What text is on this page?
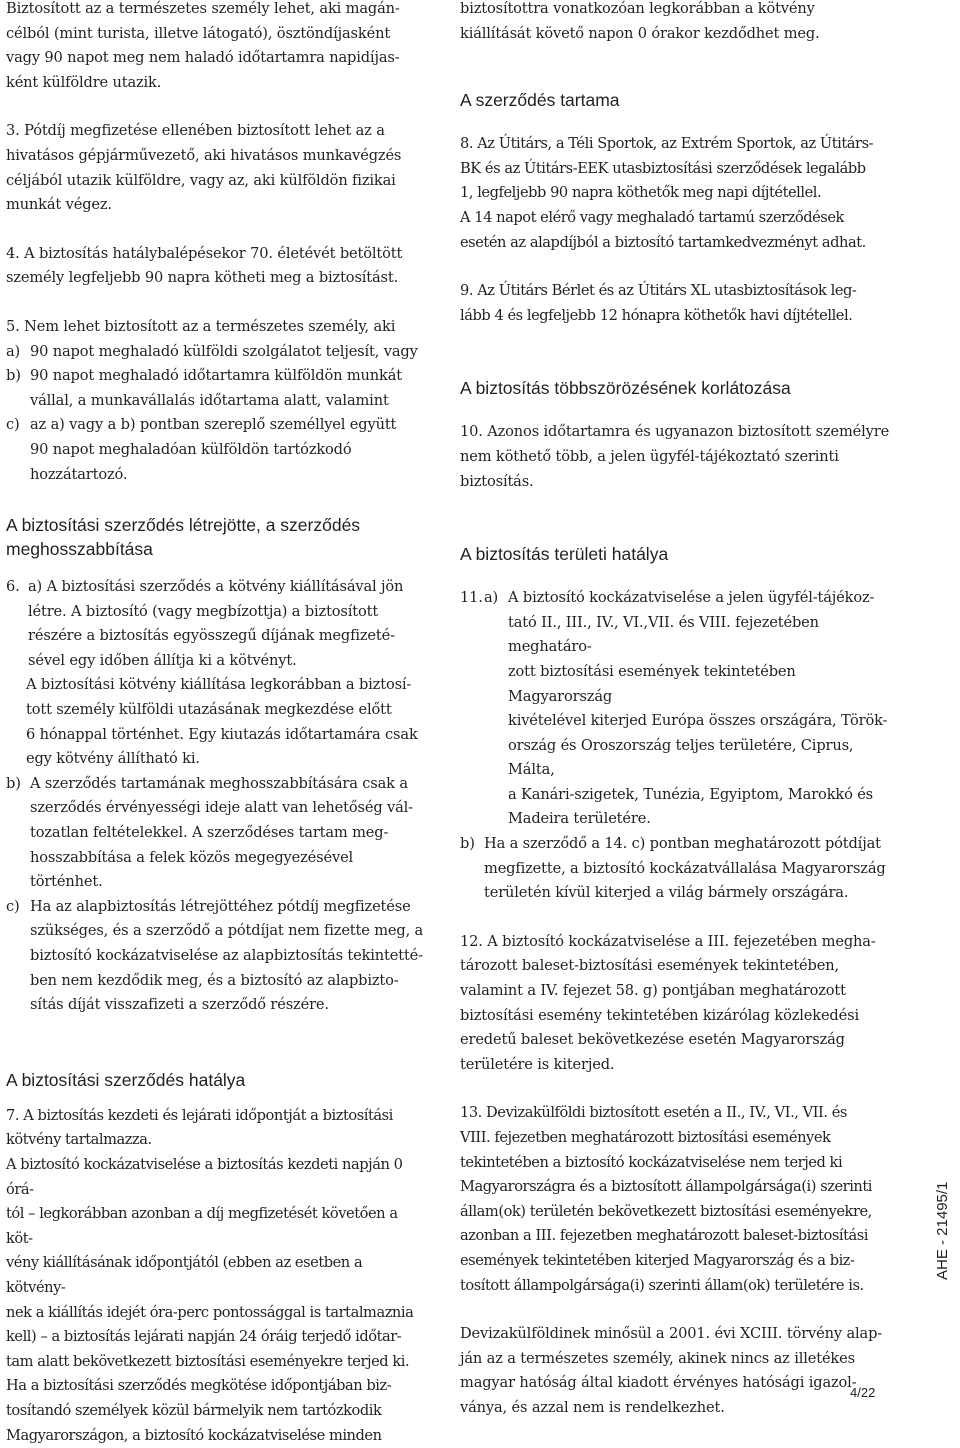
Biztosított az a természetes személy lehet, aki magán-
célból (mint turista, illetve látogató), ösztöndíjasként
vagy 90 napot meg nem haladó időtartamra napidíjas-
ként külföldre utazik.

3. Pótdíj megfizetése ellenében biztosított lehet az a
hivatásos gépjárművezető, aki hivatásos munkavégzés
céljából utazik külföldre, vagy az, aki külföldön fizikai
munkát végez.

4. A biztosítás hatálybalépésekor 70. életévét betöltött
személy legfeljebb 90 napra kötheti meg a biztosítást.

5. Nem lehet biztosított az a természetes személy, aki

a) 90 napot meghaladó külföldi szolgálatot teljesít, vagy
b) 90 napot meghaladó időtartamra külföldön munkát
vállal, a munkavállalás időtartama alatt, valamint
c) az a) vagy a b) pontban szereplő személlyel együtt
90 napot meghaladóan külföldön tartózkodó
hozzátartozó.
A biztosítási szerződés létrejötte, a szerződés
meghosszabbítása
6. a) A biztosítási szerződés a kötvény kiállításával jön
létre. A biztosító (vagy megbízottja) a biztosított
részére a biztosítás egyösszegű díjának megfizeté-
sével egy időben állítja ki a kötvényt.

A biztosítási kötvény kiállítása legkorábban a biztosí-
tott személy külföldi utazásának megkezdése előtt
6 hónappal történhet. Egy kiutazás időtartamára csak
egy kötvény állítható ki.

b) A szerződés tartamának meghosszabbítására csak a
szerződés érvényességi ideje alatt van lehetőség vál-
tozatlan feltételekkel. A szerződéses tartam meg-
hosszabbítása a felek közös megegyezésével történhet.
c) Ha az alapbiztosítás létrejöttéhez pótdíj megfizetése
szükséges, és a szerződő a pótdíjat nem fizette meg, a
biztosító kockázatviselése az alapbiztosítás tekintetté-
ben nem kezdődik meg, és a biztosító az alapbizto-
sítás díját visszafizeti a szerződő részére.
A biztosítási szerződés hatálya

7. A biztosítás kezdeti és lejárati időpontját a biztosítási
kötvény tartalmazza.
A biztosító kockázatviselése a biztosítás kezdeti napján 0 órá-
tól – legkorábban azonban a díj megfizetését követően a köt-
vény kiállításának időpontjától (ebben az esetben a kötvény-
nek a kiállítás idejét óra-perc pontossággal is tartalmaznia
kell) – a biztosítás lejárati napján 24 óráig terjedő időtar-
tam alatt bekövetkezett biztosítási eseményekre terjed ki.
Ha a biztosítási szerződés megkötése időpontjában biz-
tosítandó személyek közül bármelyik nem tartózkodik
Magyarországon, a biztosító kockázatviselése minden

biztosítottra vonatkozóan legkorábban a kötvény
kiállítását követő napon 0 órakor kezdődhet meg.

A szerződés tartama

8. Az Útitárs, a Téli Sportok, az Extrém Sportok, az Útitárs-
BK és az Útitárs-EEK utasbiztosítási szerződések legalább
1, legfeljebb 90 napra köthetők meg napi díjtétellel.
A 14 napot elérő vagy meghaladó tartamú szerződések
esetén az alapdíjból a biztosító tartamkedvezményt adhat.

9. Az Útitárs Bérlet és az Útitárs XL utasbiztosítások leg-
lább 4 és legfeljebb 12 hónapra köthetők havi díjtétellel.

A biztosítás többszörözésének korlátozása

10. Azonos időtartamra és ugyanazon biztosított személyre
nem köthető több, a jelen ügyfél-tájékoztató szerinti
biztosítás.

A biztosítás területi hatálya
11. a) A biztosító kockázatviselése a jelen ügyfél-tájékoz-
tató II., III., IV., VI.,VII. és VIII. fejezetében meghatáro-
zott biztosítási események tekintetében Magyarország
kivételével kiterjed Európa összes országára, Török-
ország és Oroszország teljes területére, Ciprus, Málta,
a Kanári-szigetek, Tunézia, Egyiptom, Marokkó és
Madeira területére.
b) Ha a szerződő a 14. c) pontban meghatározott pótdíjat
megfizette, a biztosító kockázatvállalása Magyarország
területén kívül kiterjed a világ bármely országára.

12. A biztosító kockázatviselése a III. fejezetében megha-
tározott baleset-biztosítási események tekintetében,
valamint a IV. fejezet 58. g) pontjában meghatározott
biztosítási esemény tekintetében kizárólag közlekedési
eredetű baleset bekövetkezése esetén Magyarország
területére is kiterjed.

13. Devizakülföldi biztosított esetén a II., IV., VI., VII. és
VIII. fejezetben meghatározott biztosítási események
tekintetében a biztosító kockázatviselése nem terjed ki
Magyarországra és a biztosított állampolgársága(i) szerinti
állam(ok) területén bekövetkezett biztosítási eseményekre,
azonban a III. fejezetben meghatározott baleset-biztosítási
események tekintetében kiterjed Magyarország és a biz-
tosított állampolgársága(i) szerinti állam(ok) területére is.

Devizakülföldinek minősül a 2001. évi XCIII. törvény alap-
ján az a természetes személy, akinek nincs az illetékes
magyar hatóság által kiadott érvényes hatósági igazol-
ványa, és azzal nem is rendelkezhet.

AHE - 21495/1
4/22
